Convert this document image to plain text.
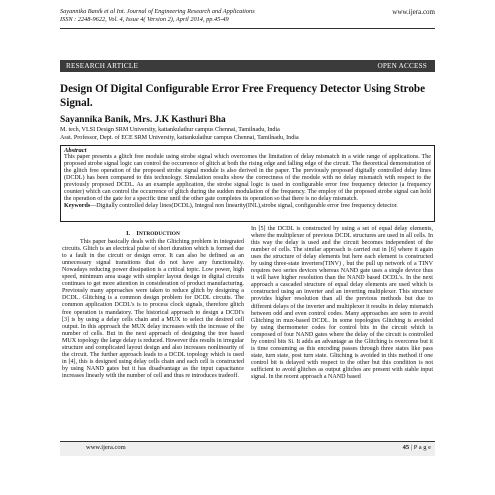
Sayannika Banik et al Int. Journal of Engineering Research and Applications
ISSN : 2248-9622, Vol. 4, Issue 4( Version 2), April 2014, pp.45-49
www.ijera.com
RESEARCH ARTICLE	OPEN ACCESS
Design Of Digital Configurable Error Free Frequency Detector Using Strobe Signal.
Sayannika Banik, Mrs. J.K Kasthuri Bha
M. tech, VLSI Design SRM University, kattankulathur campus Chennai, Tamilnadu, India
Asst. Professor, Dept. of ECE SRM University, kattankulathur campus Chennai, Tamilnadu, India
Abstract
This paper presents a glitch free module using strobe signal which overcomes the limitation of delay mismatch in a wide range of applications. The proposed strobe signal logic can control the occurrence of glitch at both the rising edge and falling edge of the circuit. The theoretical demonstration of the glitch free operation of the proposed strobe signal module is also derived in the paper. The previously proposed digitally controlled delay lines (DCDL) has been compared to this technology. Simulation results show the correctness of the module with no delay mismatch with respect to the previously proposed DCDL. As an example application, the strobe signal logic is used in configurable error free frequency detector (a frequency counter) which can control the occurrence of glitch during the sudden modulation of the frequency. The employ of the proposed strobe signal can hold the operation of the gate for a specific time until the other gate completes its operation so that there is no delay mismatch.
Keywords—Digitally controlled delay lines(DCDL), Integral non linearity(INL),strobe signal, configurable error free frequency detector.
I. INTRODUCTION

This paper basically deals with the Glitching problem in integrated circuits. Glitch is an electrical pulse of short duration which is formed due to a fault in the circuit or design error. It can also be defined as an unnecessary signal transitions that do not have any functionality. Nowadays reducing power dissipation is a critical topic. Low power, high speed, minimum area usage with simpler layout design in digital circuits continues to get more attention in consideration of product manufacturing. Previously many approaches were taken to reduce glitch by designing a DCDL. Glitching is a common design problem for DCDL circuits. The common application DCDL's is to process clock signals, therefore glitch free operation is mandatory. The historical approach to design a DCDI's [3] is by using a delay cells chain and a MUX to select the desired cell output. In this approach the MUX delay increases with the increase of the number of cells. But in the next approach of designing the tree based MUX topology the large delay is reduced. However this results in irregular structure and complicated layout design and also increases nonlinearity of the circuit. The further approach leads to a DCDL topology which is used in [4], this is designed using delay cells chain and each cell is constructed by using NAND gates but it has disadvantage as the input capacitance increases linearly with the number of cell and thus re introduces tradeoff.

In [5] the DCDL is constructed by using a set of equal delay elements, where the multiplexer of previous DCDL structures are used in all cells. In this way the delay is used and the circuit becomes independent of the number of cells. The similar approach is carried out in [6] where it again uses the structure of delay elements but here each element is constructed by using three-state inverters(TINV) , but the pull up network of a TINV requires two series devices whereas NAND gate uses a single device thus it will have higher resolution than the NAND based DCDL's. In the next approach a cascaded structure of equal delay elements are used which is constructed using an inverter and an inverting multiplexer. This structure provides higher resolution than all the previous methods but due to different delays of the inverter and multiplexer it results in delay mismatch between odd and even control codes. Many approaches are seen to avoid Glitching in mux-based DCDL. In some topologies Glitching is avoided by using thermometer codes for control bits in the circuit which is composed of four NAND gates where the delay of the circuit is controlled by control bits Si. It adds an advantage as the Glitching is overcome but it is time consuming as this encoding passes through three states like pass state, turn state, post turn state. Glitching is avoided in this method if one control bit is delayed with respect to the other but this condition is not sufficient to avoid glitches as output glitches are present with stable input signal. In the recent approach a NAND based

www.ijera.com	45 | P a g e
